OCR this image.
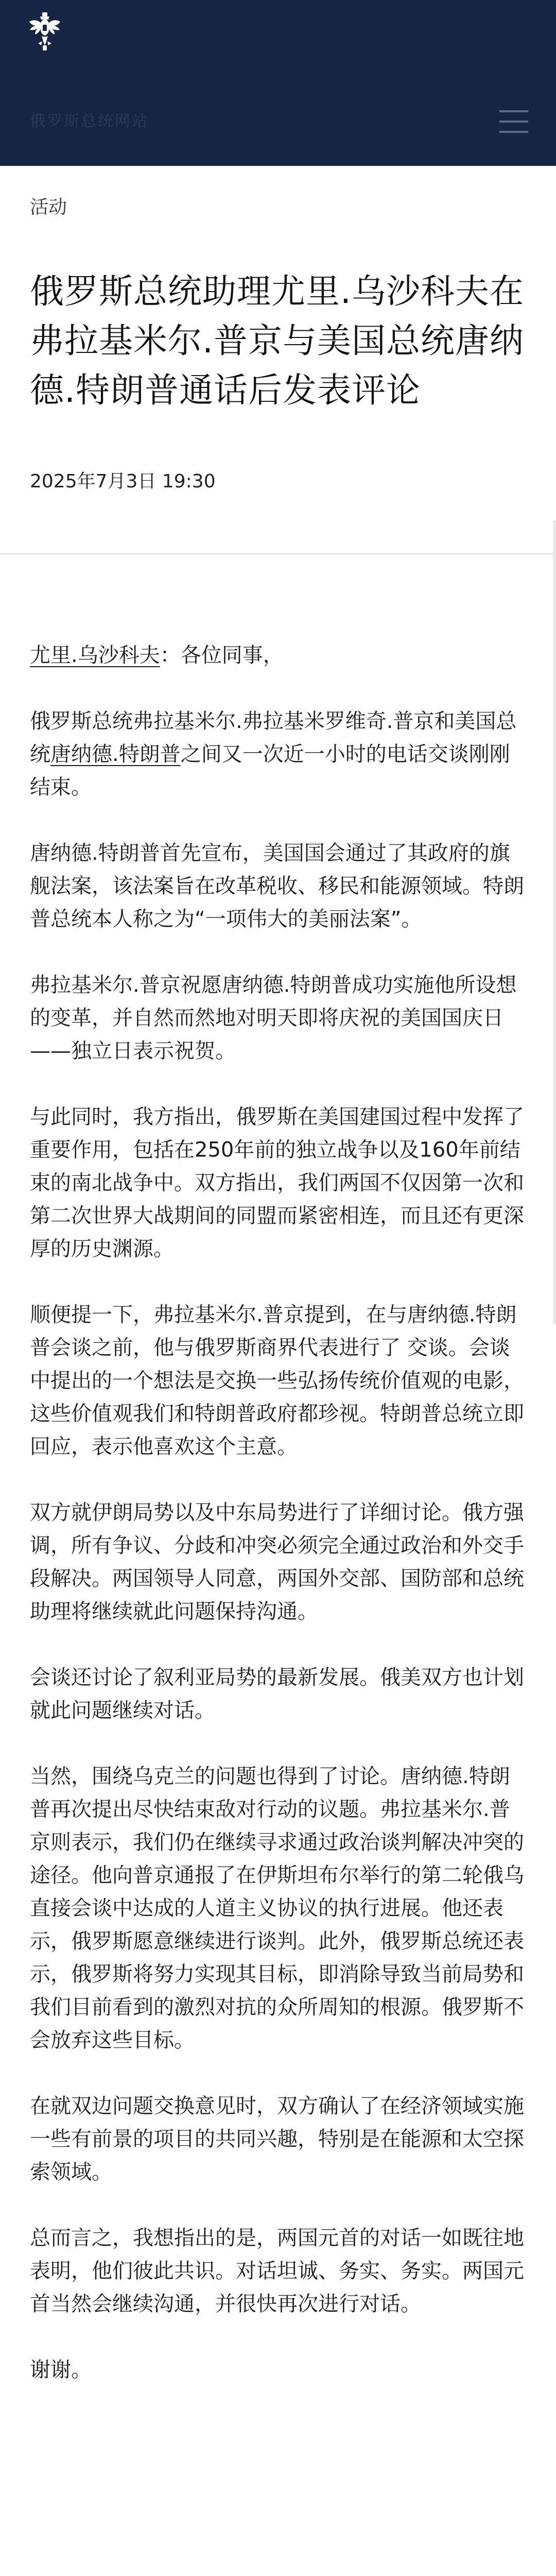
俄罗斯总统网站
活动
俄罗斯总统助理尤里.乌沙科夫在弗拉基米尔.普京与美国总统唐纳德.特朗普通话后发表评论
2025年7月3日 19:30

尤里.乌沙科夫：各位同事，

俄罗斯总统弗拉基米尔.弗拉基米罗维奇.普京和美国总统唐纳德.特朗普之间又一次近一小时的电话交谈刚刚结束。

唐纳德.特朗普首先宣布，美国国会通过了其政府的旗舰法案，该法案旨在改革税收、移民和能源领域。特朗普总统本人称之为“一项伟大的美丽法案”。

弗拉基米尔.普京祝愿唐纳德.特朗普成功实施他所设想的变革，并自然而然地对明天即将庆祝的美国国庆日——独立日表示祝贺。

与此同时，我方指出，俄罗斯在美国建国过程中发挥了重要作用，包括在250年前的独立战争以及160年前结束的南北战争中。双方指出，我们两国不仅因第一次和第二次世界大战期间的同盟而紧密相连，而且还有更深厚的历史渊源。

顺便提一下，弗拉基米尔.普京提到，在与唐纳德.特朗普会谈之前，他与俄罗斯商界代表进行了 交谈。会谈中提出的一个想法是交换一些弘扬传统价值观的电影，这些价值观我们和特朗普政府都珍视。特朗普总统立即回应，表示他喜欢这个主意。

双方就伊朗局势以及中东局势进行了详细讨论。俄方强调，所有争议、分歧和冲突必须完全通过政治和外交手段解决。两国领导人同意，两国外交部、国防部和总统助理将继续就此问题保持沟通。

会谈还讨论了叙利亚局势的最新发展。俄美双方也计划就此问题继续对话。

当然，围绕乌克兰的问题也得到了讨论。唐纳德.特朗普再次提出尽快结束敌对行动的议题。弗拉基米尔.普京则表示，我们仍在继续寻求通过政治谈判解决冲突的途径。他向普京通报了在伊斯坦布尔举行的第二轮俄乌直接会谈中达成的人道主义协议的执行进展。他还表示，俄罗斯愿意继续进行谈判。此外，俄罗斯总统还表示，俄罗斯将努力实现其目标，即消除导致当前局势和我们目前看到的激烈对抗的众所周知的根源。俄罗斯不会放弃这些目标。

在就双边问题交换意见时，双方确认了在经济领域实施一些有前景的项目的共同兴趣，特别是在能源和太空探索领域。

总而言之，我想指出的是，两国元首的对话一如既往地表明，他们彼此共识。对话坦诚、务实、务实。两国元首当然会继续沟通，并很快再次进行对话。

谢谢。
